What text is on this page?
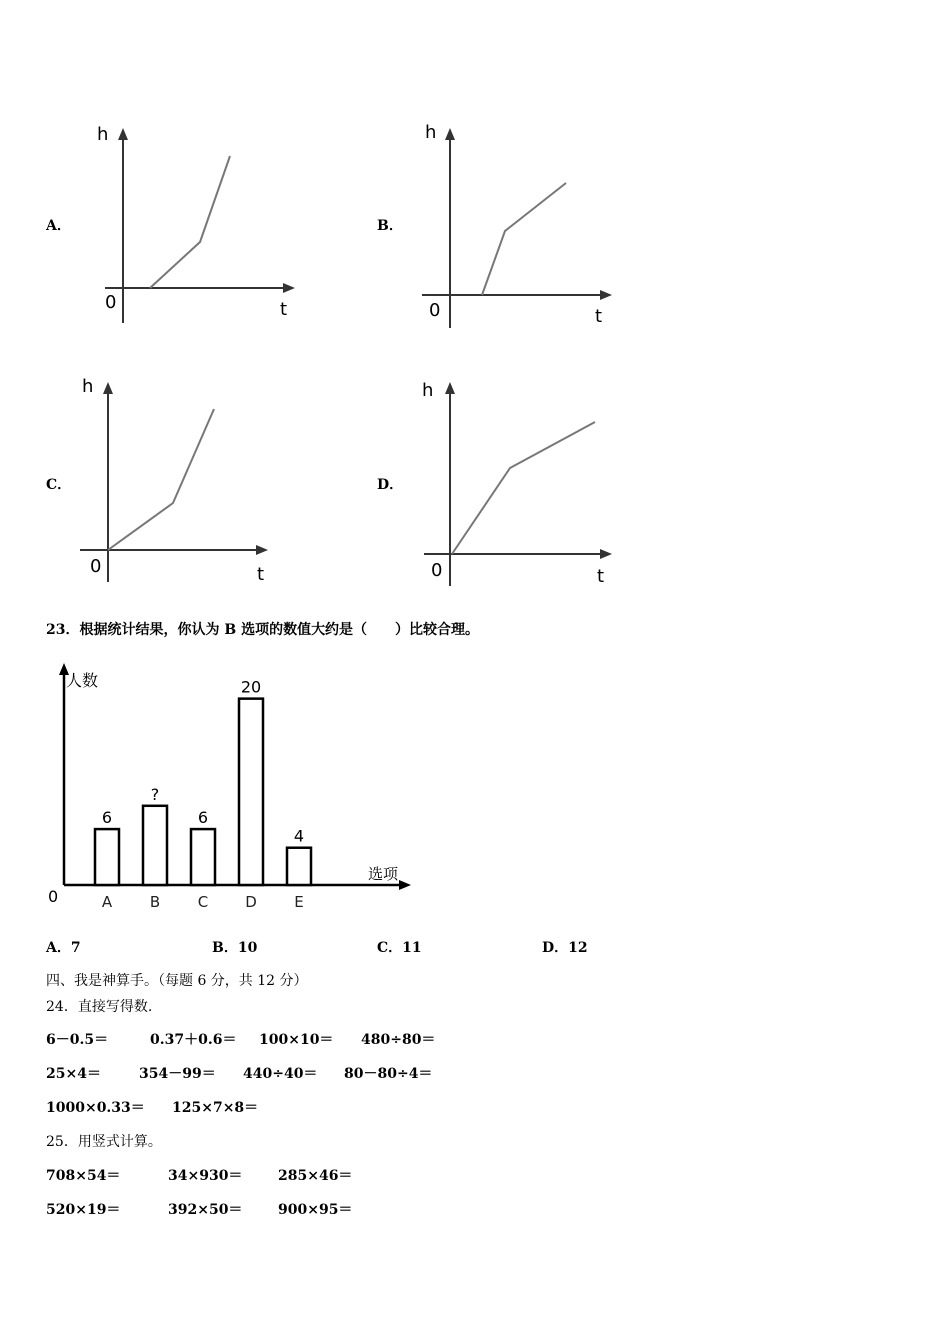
A．
h
t
0
B．
h
t
0
C．
h
t
0
D．
h
t
0
23．根据统计结果，你认为 B 选项的数值大约是（　　）比较合理。
人数
选项
0
6
A
?
B
6
C
20
D
4
E
A．7	B．10	C．11	D．12
四、我是神算手。（每题 6 分，共 12 分）
24．直接写得数.
6－0.5＝	0.37＋0.6＝ 100×10＝ 480÷80＝
25×4＝	354－99＝ 440÷40＝ 80－80÷4＝
1000×0.33＝ 125×7×8＝
25．用竖式计算。
708×54＝	34×930＝	285×46＝
520×19＝	392×50＝	900×95＝
